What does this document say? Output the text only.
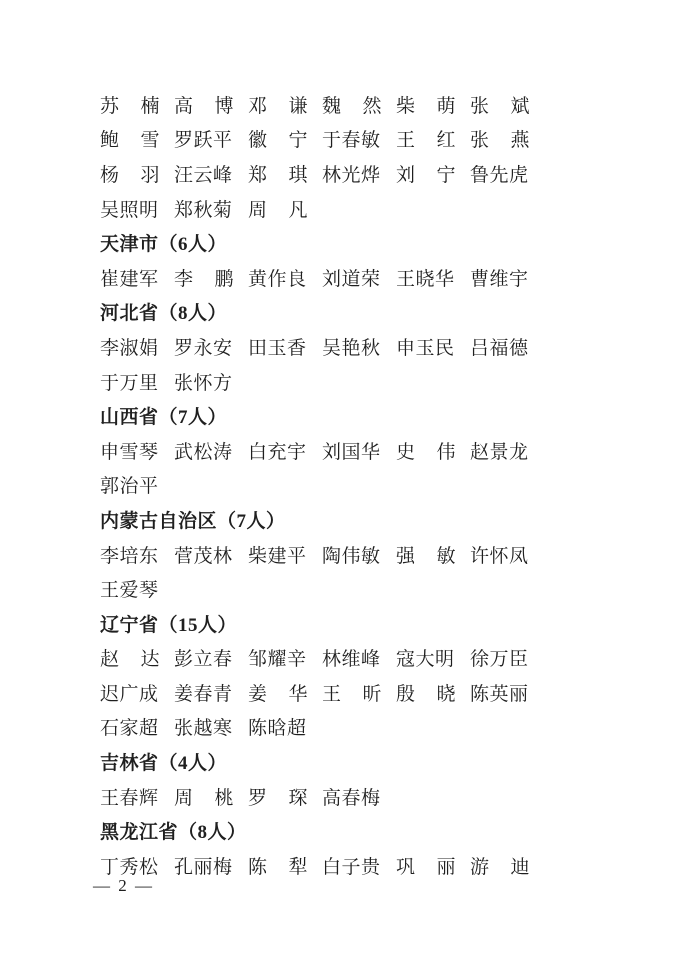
苏楠 高博 邓谦 魏然 柴萌 张斌
鲍雪 罗跃平 徽宁 于春敏 王红 张燕
杨羽 汪云峰 郑琪 林光烨 刘宁 鲁先虎
吴照明 郑秋菊 周凡
天津市（6人）
崔建军 李鹏 黄作良 刘道荣 王晓华 曹维宇
河北省（8人）
李淑娟 罗永安 田玉香 吴艳秋 申玉民 吕福德
于万里 张怀方
山西省（7人）
申雪琴 武松涛 白充宇 刘国华 史伟 赵景龙
郭治平
内蒙古自治区（7人）
李培东 菅茂林 柴建平 陶伟敏 强敏 许怀凤
王爱琴
辽宁省（15人）
赵达 彭立春 邹耀辛 林维峰 寇大明 徐万臣
迟广成 姜春青 姜华 王昕 殷晓 陈英丽
石家超 张越寒 陈晗超
吉林省（4人）
王春辉 周桃 罗琛 高春梅
黑龙江省（8人）
丁秀松 孔丽梅 陈犁 白子贵 巩丽 游迪
— 2 —
